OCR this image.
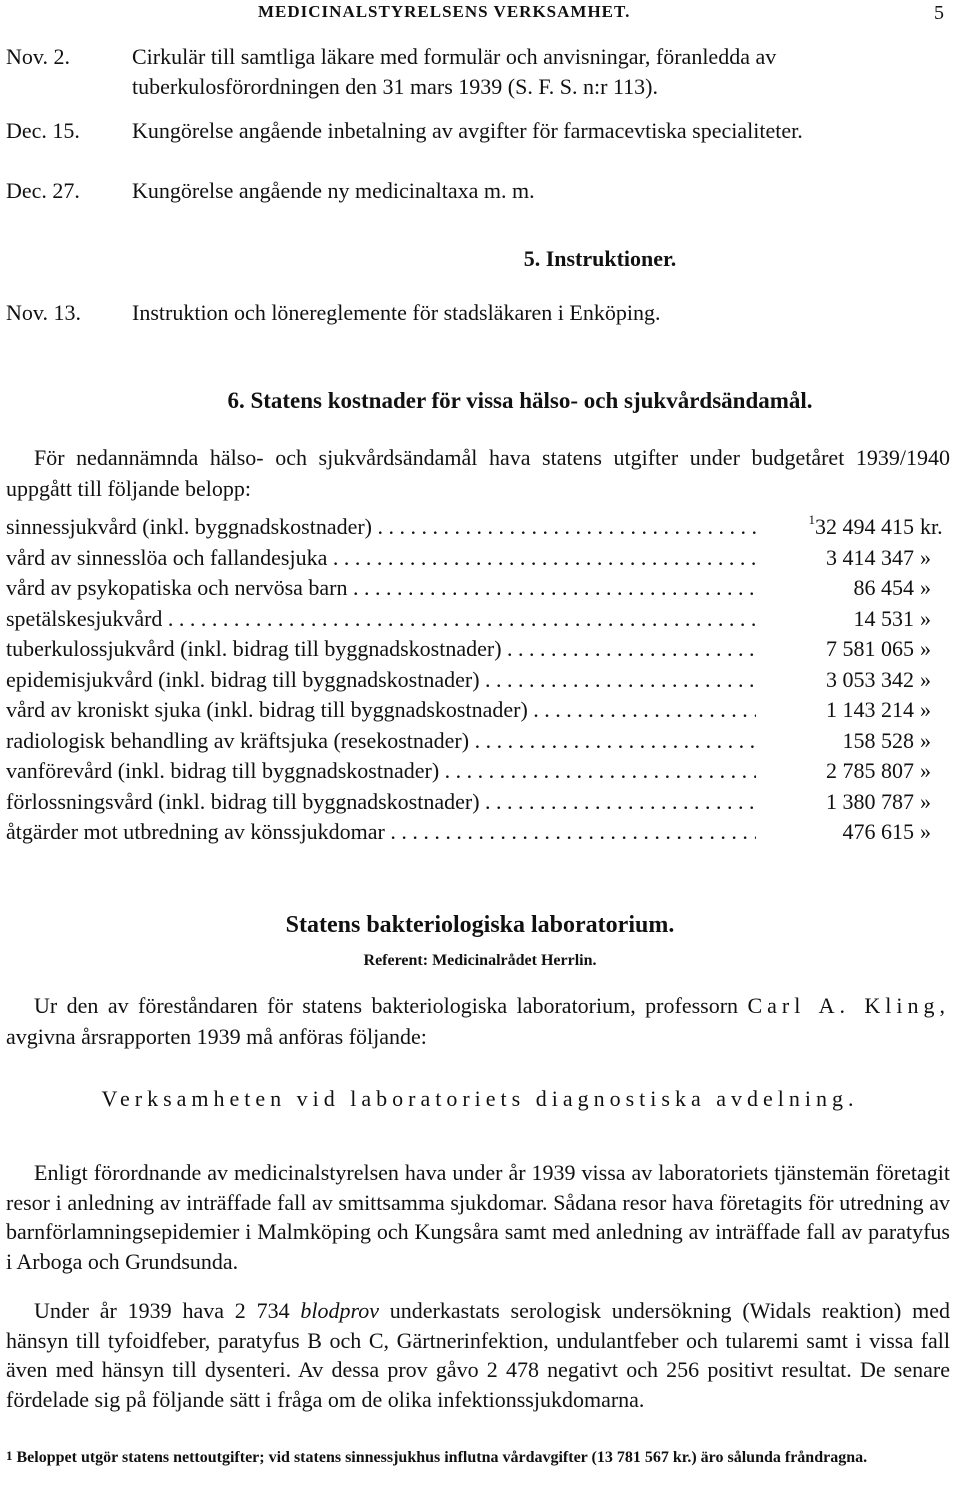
MEDICINALSTYRELSENS VERKSAMHET.	5
Nov. 2.	Cirkulär till samtliga läkare med formulär och anvisningar, föranledda av tuberkulosförordningen den 31 mars 1939 (S. F. S. n:r 113).
Dec. 15.	Kungörelse angående inbetalning av avgifter för farmacevtiska specialiteter.
Dec. 27.	Kungörelse angående ny medicinaltaxa m. m.
5. Instruktioner.
Nov. 13.	Instruktion och lönereglemente för stadsläkaren i Enköping.
6. Statens kostnader för vissa hälso- och sjukvårdsändamål.
För nedannämnda hälso- och sjukvårdsändamål hava statens utgifter under budgetåret 1939/1940 uppgått till följande belopp:
sinnessjukvård (inkl. byggnadskostnader) . . .	$^1$32 494 415 kr.
vård av sinnesslöa och fallandesjuka . . .	3 414 347 »
vård av psykopatiska och nervösa barn . . .	86 454 »
spetälskesjukvård . . .	14 531 »
tuberkulossjukvård (inkl. bidrag till byggnadskostnader) . . .	7 581 065 »
epidemisjukvård (inkl. bidrag till byggnadskostnader) . . .	3 053 342 »
vård av kroniskt sjuka (inkl. bidrag till byggnadskostnader) . . .	1 143 214 »
radiologisk behandling av kräftsjuka (resekostnader) . . .	158 528 »
vanförevård (inkl. bidrag till byggnadskostnader) . . .	2 785 807 »
förlossningsvård (inkl. bidrag till byggnadskostnader) . . .	1 380 787 »
åtgärder mot utbredning av könssjukdomar . . .	476 615 »
Statens bakteriologiska laboratorium.
Referent: Medicinalrådet Herrlin.
Ur den av föreståndaren för statens bakteriologiska laboratorium, professorn Carl A. Kling, avgivna årsrapporten 1939 må anföras följande:
Verksamheten vid laboratoriets diagnostiska avdelning.
Enligt förordnande av medicinalstyrelsen hava under år 1939 vissa av laboratoriets tjänstemän företagit resor i anledning av inträffade fall av smittsamma sjukdomar. Sådana resor hava företagits för utredning av barnförlamningsepidemier i Malmköping och Kungsåra samt med anledning av inträffade fall av paratyfus i Arboga och Grundsunda.
Under år 1939 hava 2 734 blodprov underkastats serologisk undersökning (Widals reaktion) med hänsyn till tyfoidfeber, paratyfus B och C, Gärtnerinfektion, undulantfeber och tularemi samt i vissa fall även med hänsyn till dysenteri. Av dessa prov gåvo 2 478 negativt och 256 positivt resultat. De senare fördelade sig på följande sätt i fråga om de olika infektionssjukdomarna.
$^1$ Beloppet utgör statens nettoutgifter; vid statens sinnessjukhus influtna vårdavgifter (13 781 567 kr.) äro sålunda fråndragna.
